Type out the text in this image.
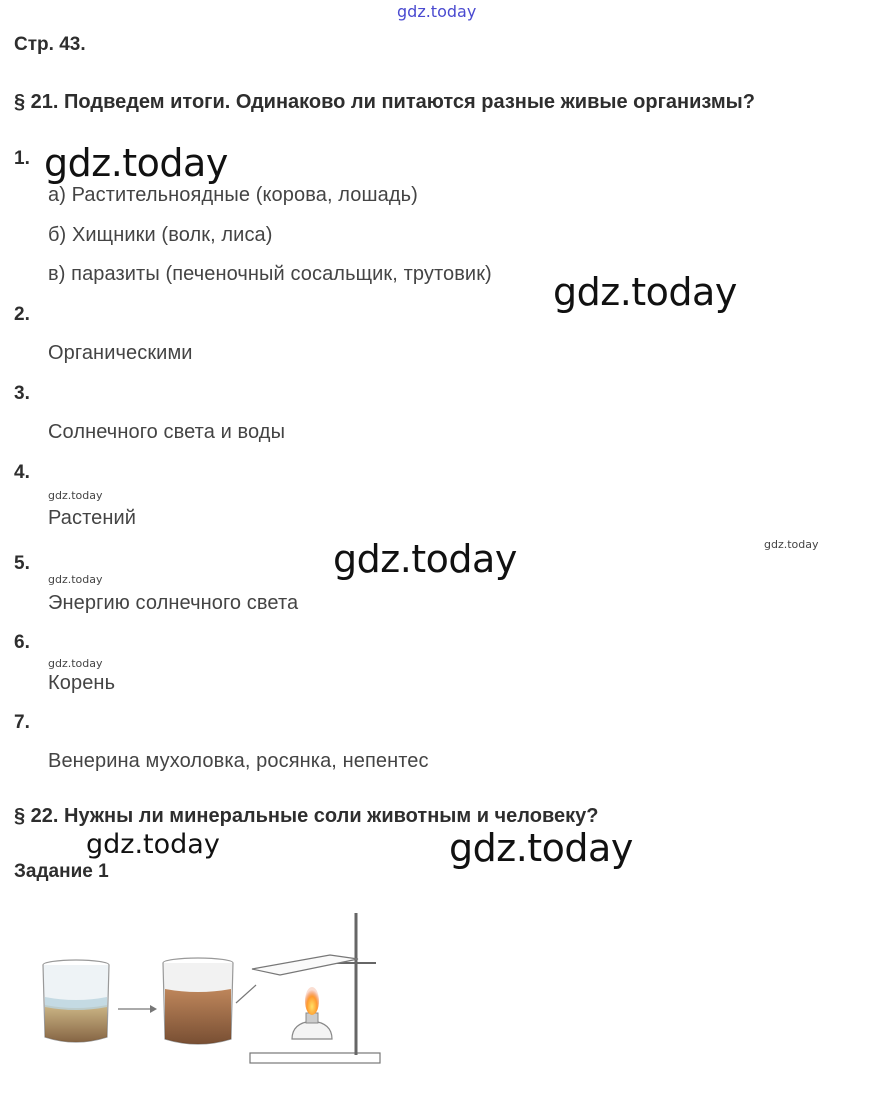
gdz.today
gdz.today
gdz.today
gdz.today
gdz.today
gdz.today
gdz.today
gdz.today
gdz.today	gdz.today
Стр. 43.
§ 21. Подведем итоги. Одинаково ли питаются разные живые организмы?
1.
а) Растительноядные (корова, лошадь)
б) Хищники (волк, лиса)
в) паразиты (печеночный сосальщик, трутовик)
2.
Органическими
3.
Солнечного света и воды
4.
Растений
5.
Энергию солнечного света
6.
Корень
7.
Венерина мухоловка, росянка, непентес
§ 22. Нужны ли минеральные соли животным и человеку?
Задание 1
